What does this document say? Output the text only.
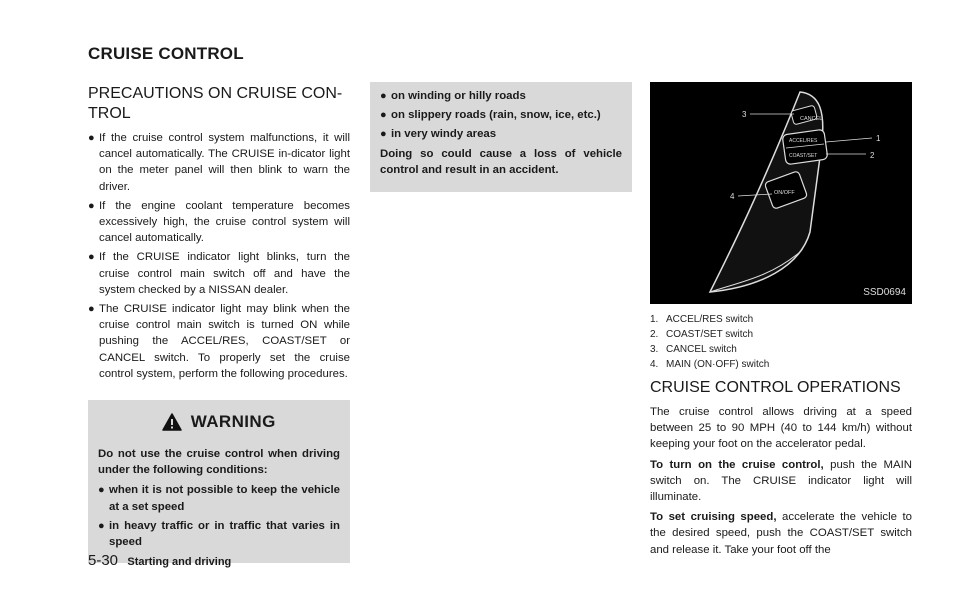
CRUISE CONTROL
PRECAUTIONS ON CRUISE CON-
TROL
● If the cruise control system malfunctions, it will cancel automatically. The CRUISE in-dicator light on the meter panel will then blink to warn the driver.
● If the engine coolant temperature becomes excessively high, the cruise control system will cancel automatically.
● If the CRUISE indicator light blinks, turn the cruise control main switch off and have the system checked by a NISSAN dealer.
● The CRUISE indicator light may blink when the cruise control main switch is turned ON while pushing the ACCEL/RES, COAST/SET or CANCEL switch. To properly set the cruise control system, perform the following procedures.
WARNING

Do not use the cruise control when driving under the following conditions:

● when it is not possible to keep the vehicle at a set speed
● in heavy traffic or in traffic that varies in speed
● on winding or hilly roads
● on slippery roads (rain, snow, ice, etc.)
● in very windy areas

Doing so could cause a loss of vehicle control and result in an accident.

CANCEL
ACCEL/RES
COAST/SET
ON/OFF
3
1
2
4
SSD0694
1. ACCEL/RES switch
2. COAST/SET switch
3. CANCEL switch
4. MAIN (ON·OFF) switch
CRUISE CONTROL OPERATIONS

The cruise control allows driving at a speed between 25 to 90 MPH (40 to 144 km/h) without keeping your foot on the accelerator pedal.

To turn on the cruise control, push the MAIN switch on. The CRUISE indicator light will illuminate.

To set cruising speed, accelerate the vehicle to the desired speed, push the COAST/SET switch and release it. Take your foot off the

5-30 Starting and driving
